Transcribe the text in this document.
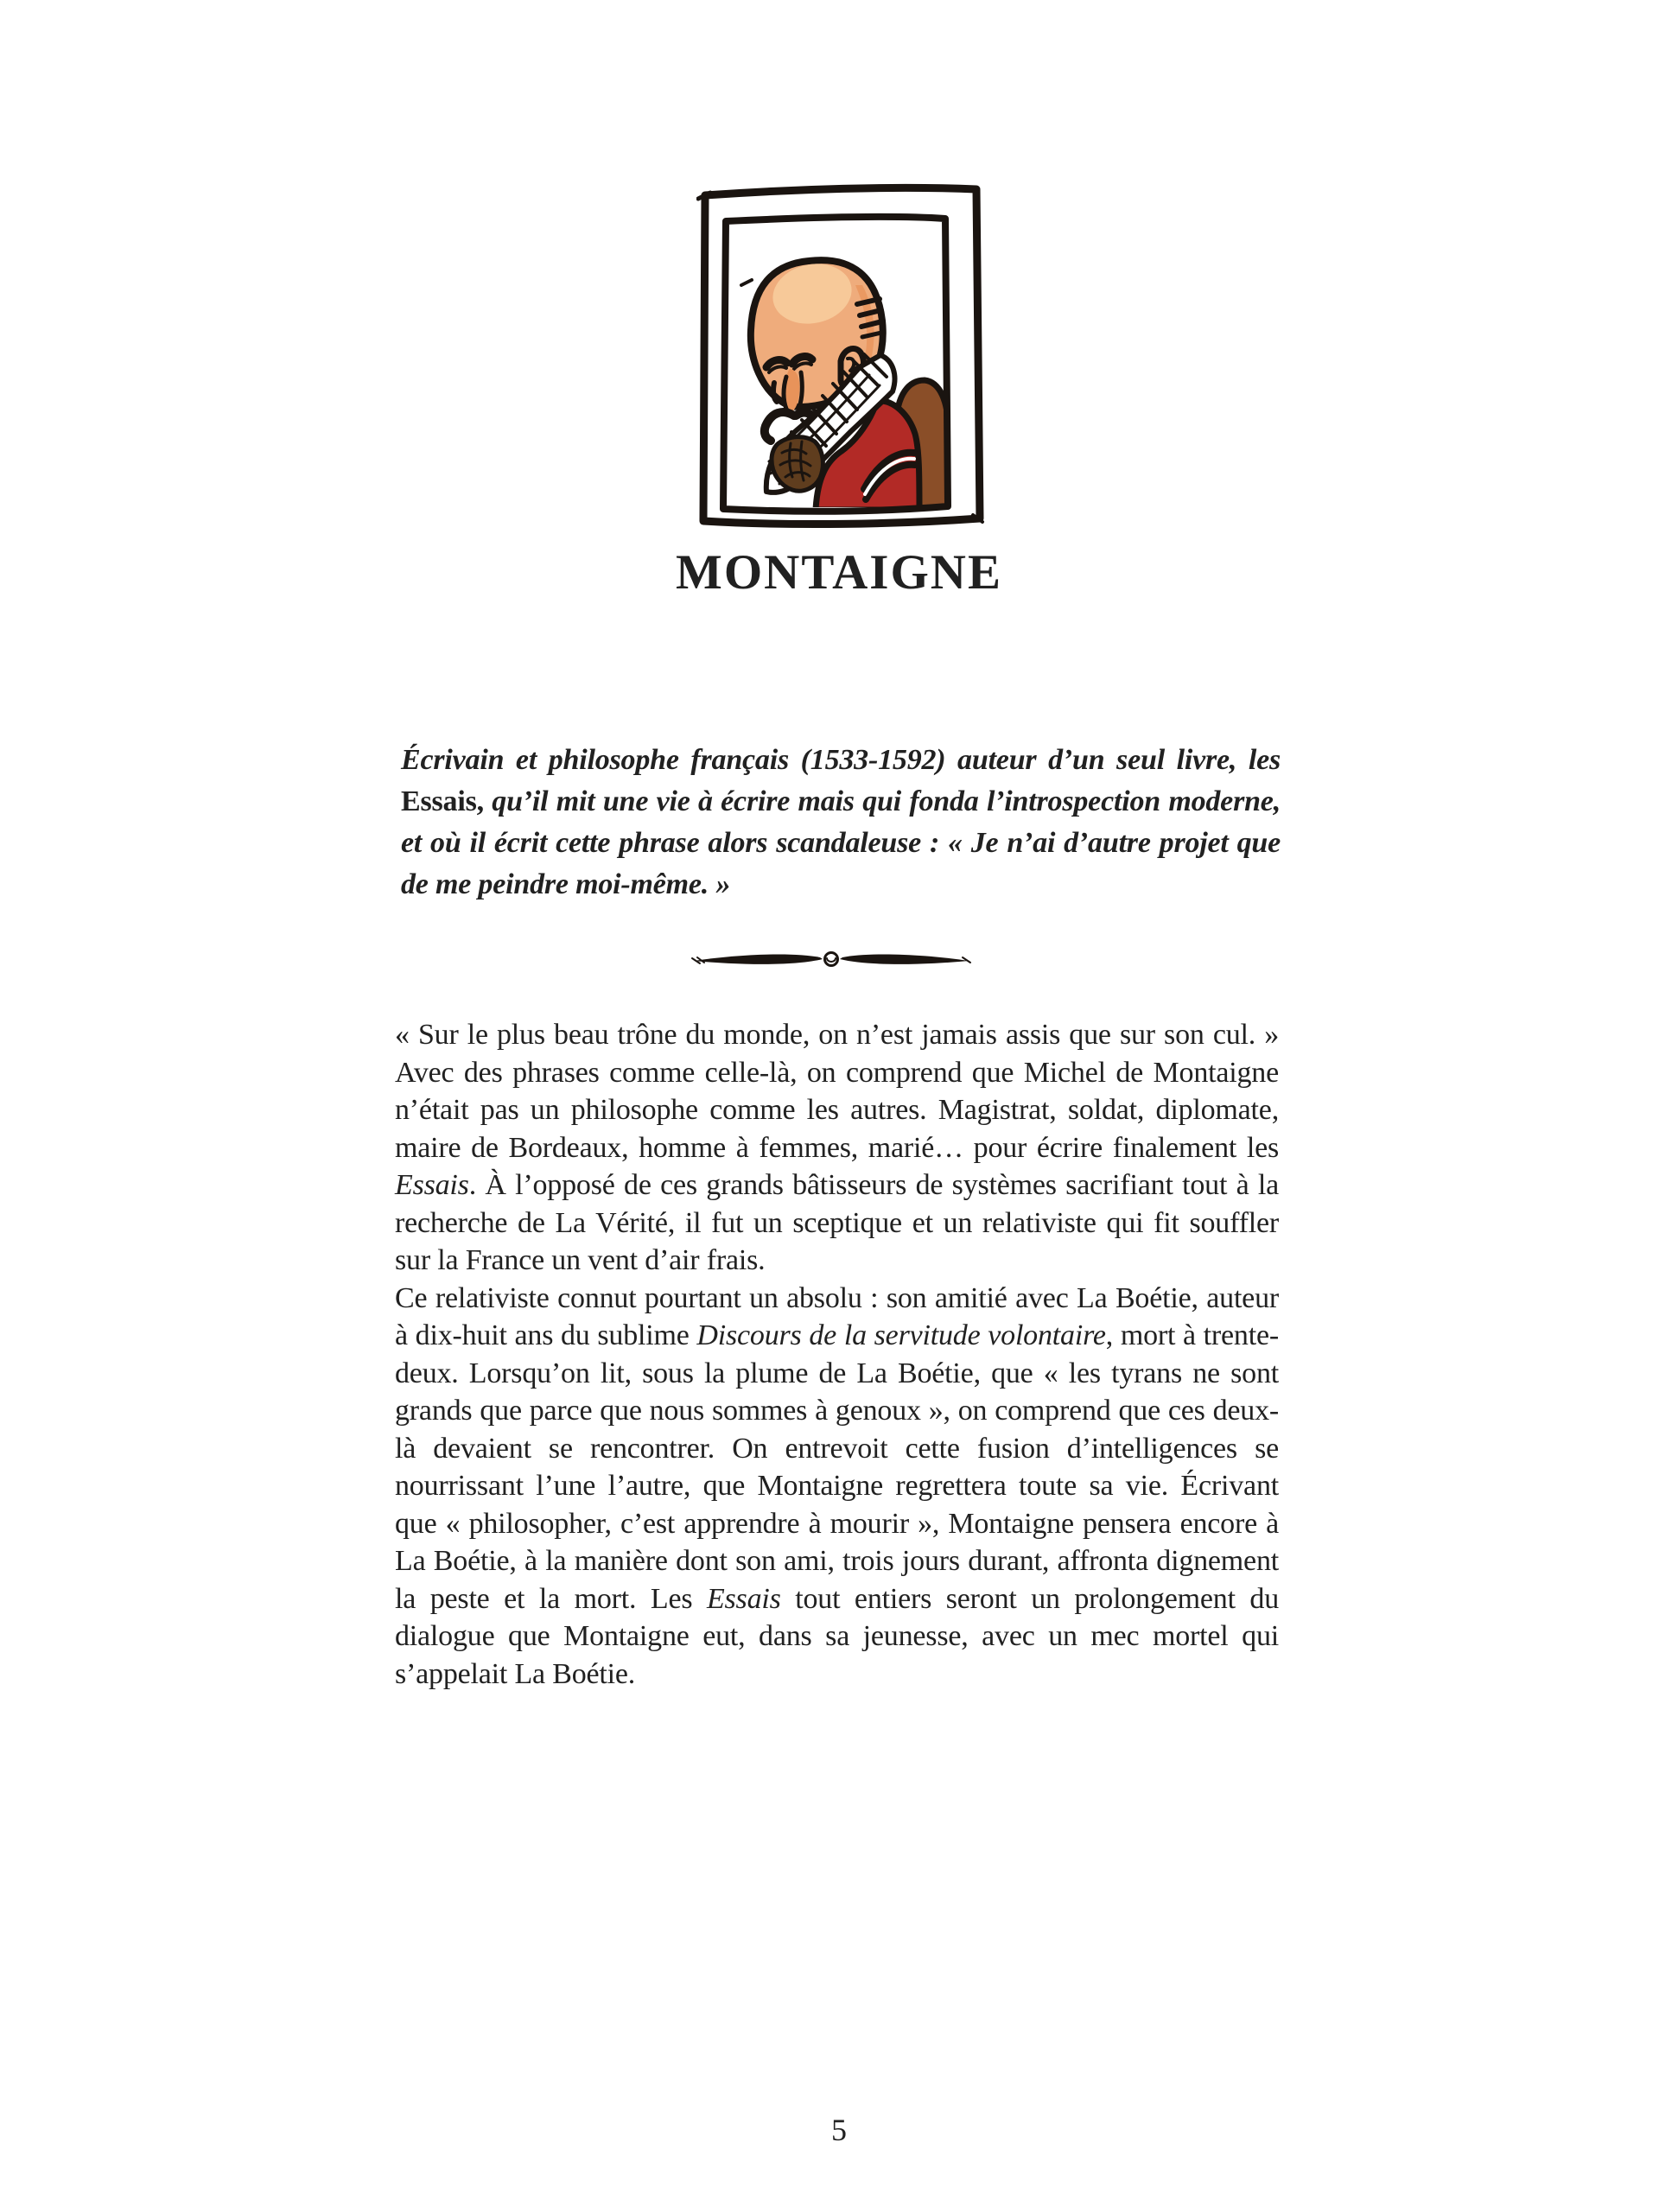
MONTAIGNE

Écrivain et philosophe français (1533-1592) auteur d’un seul livre, les Essais, qu’il mit une vie à écrire mais qui fonda l’introspection moderne, et où il écrit cette phrase alors scandaleuse : « Je n’ai d’autre projet que de me peindre moi-même. »

« Sur le plus beau trône du monde, on n’est jamais assis que sur son cul. » Avec des phrases comme celle-là, on comprend que Michel de Montaigne n’était pas un philosophe comme les autres. Magistrat, soldat, diplomate, maire de Bordeaux, homme à femmes, marié… pour écrire finalement les Essais. À l’opposé de ces grands bâtisseurs de systèmes sacrifiant tout à la recherche de La Vérité, il fut un sceptique et un relativiste qui fit souffler sur la France un vent d’air frais.

Ce relativiste connut pourtant un absolu : son amitié avec La Boétie, auteur à dix-huit ans du sublime Discours de la servitude volontaire, mort à trente-deux. Lorsqu’on lit, sous la plume de La Boétie, que « les tyrans ne sont grands que parce que nous sommes à genoux », on comprend que ces deux-là devaient se rencontrer. On entrevoit cette fusion d’intelligences se nourrissant l’une l’autre, que Montaigne regrettera toute sa vie. Écrivant que « philosopher, c’est apprendre à mourir », Montaigne pensera encore à La Boétie, à la manière dont son ami, trois jours durant, affronta dignement la peste et la mort. Les Essais tout entiers seront un prolongement du dialogue que Montaigne eut, dans sa jeunesse, avec un mec mortel qui s’appelait La Boétie.

5
